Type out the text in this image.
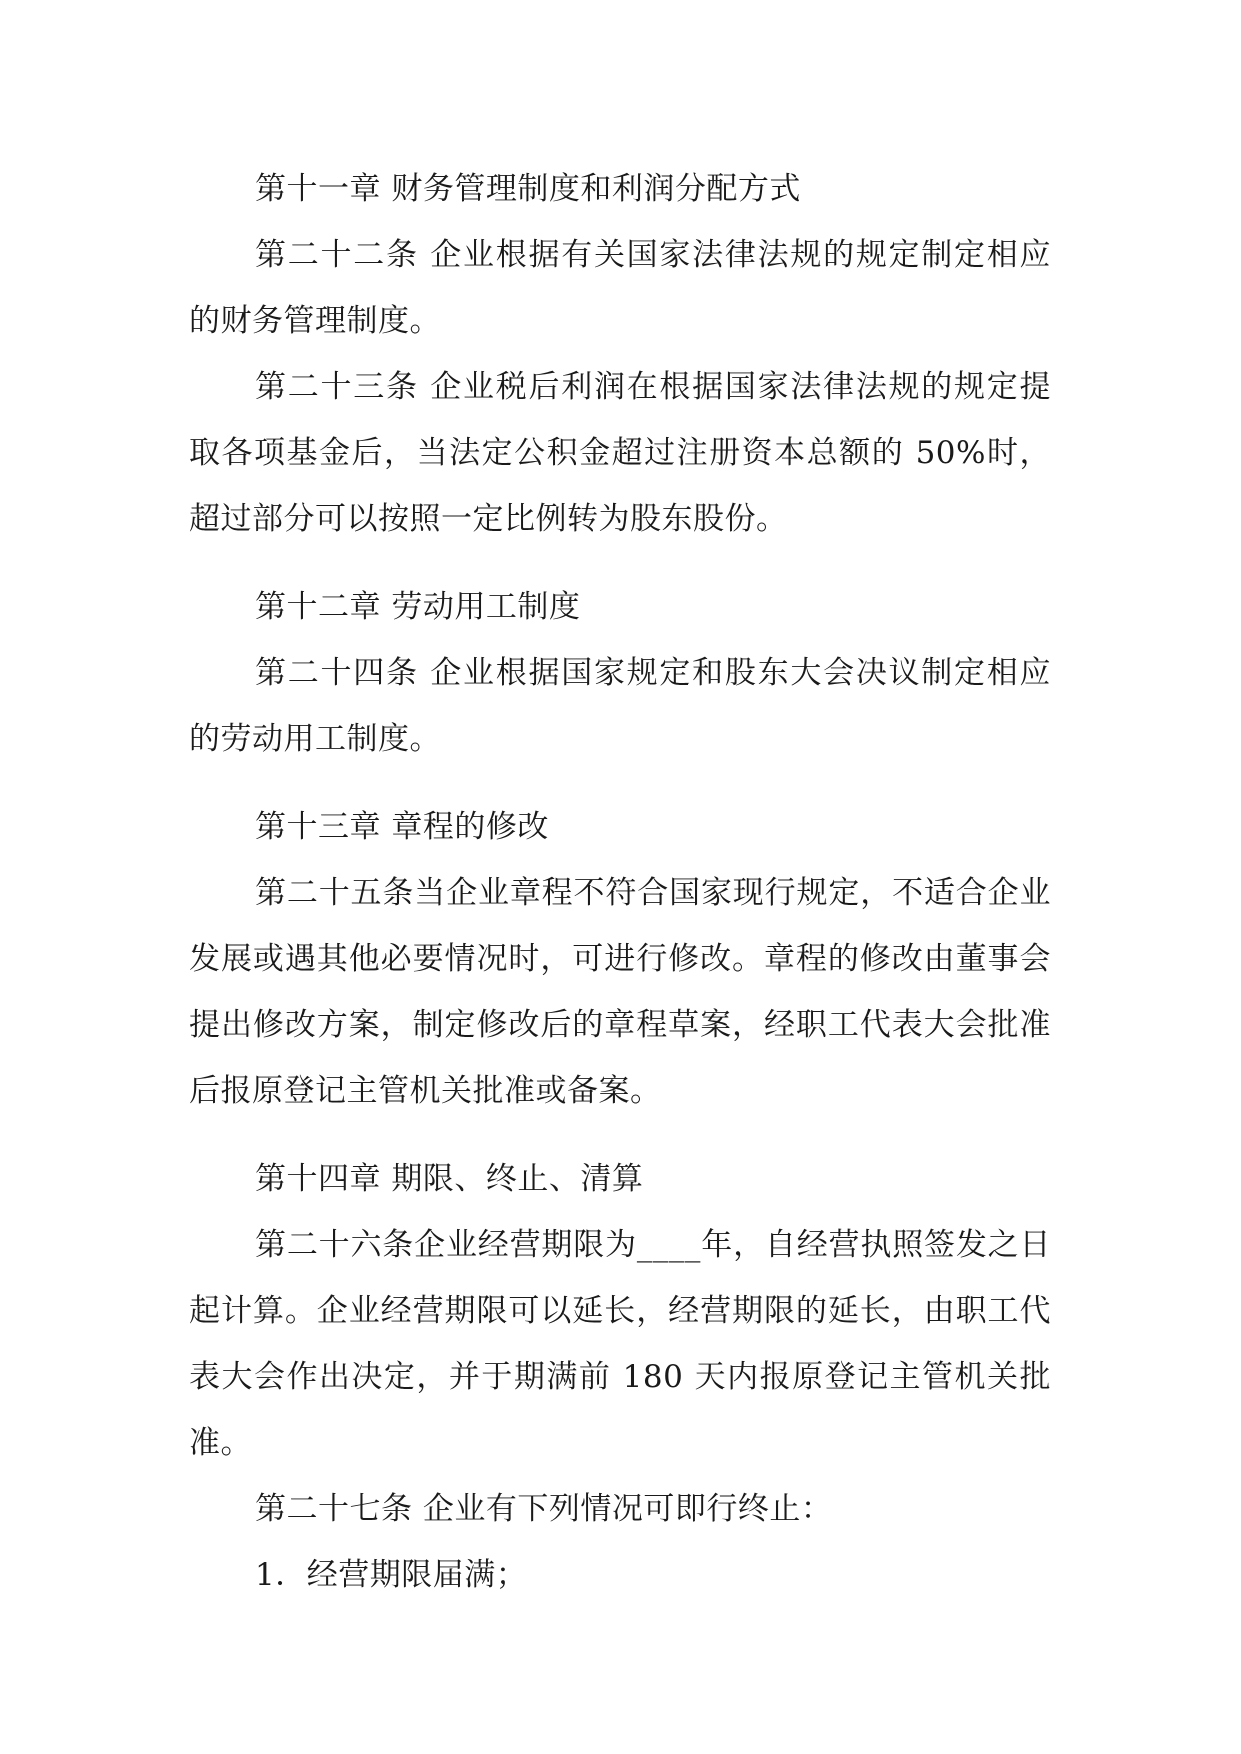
第十一章 财务管理制度和利润分配方式

第二十二条 企业根据有关国家法律法规的规定制定相应的财务管理制度。

第二十三条 企业税后利润在根据国家法律法规的规定提取各项基金后，当法定公积金超过注册资本总额的 50%时，超过部分可以按照一定比例转为股东股份。

第十二章 劳动用工制度

第二十四条 企业根据国家规定和股东大会决议制定相应的劳动用工制度。

第十三章 章程的修改

第二十五条当企业章程不符合国家现行规定，不适合企业发展或遇其他必要情况时，可进行修改。章程的修改由董事会提出修改方案，制定修改后的章程草案，经职工代表大会批准后报原登记主管机关批准或备案。

第十四章 期限、终止、清算

第二十六条企业经营期限为____年，自经营执照签发之日起计算。企业经营期限可以延长，经营期限的延长，由职工代表大会作出决定，并于期满前 180 天内报原登记主管机关批准。

第二十七条 企业有下列情况可即行终止：

1．经营期限届满；
